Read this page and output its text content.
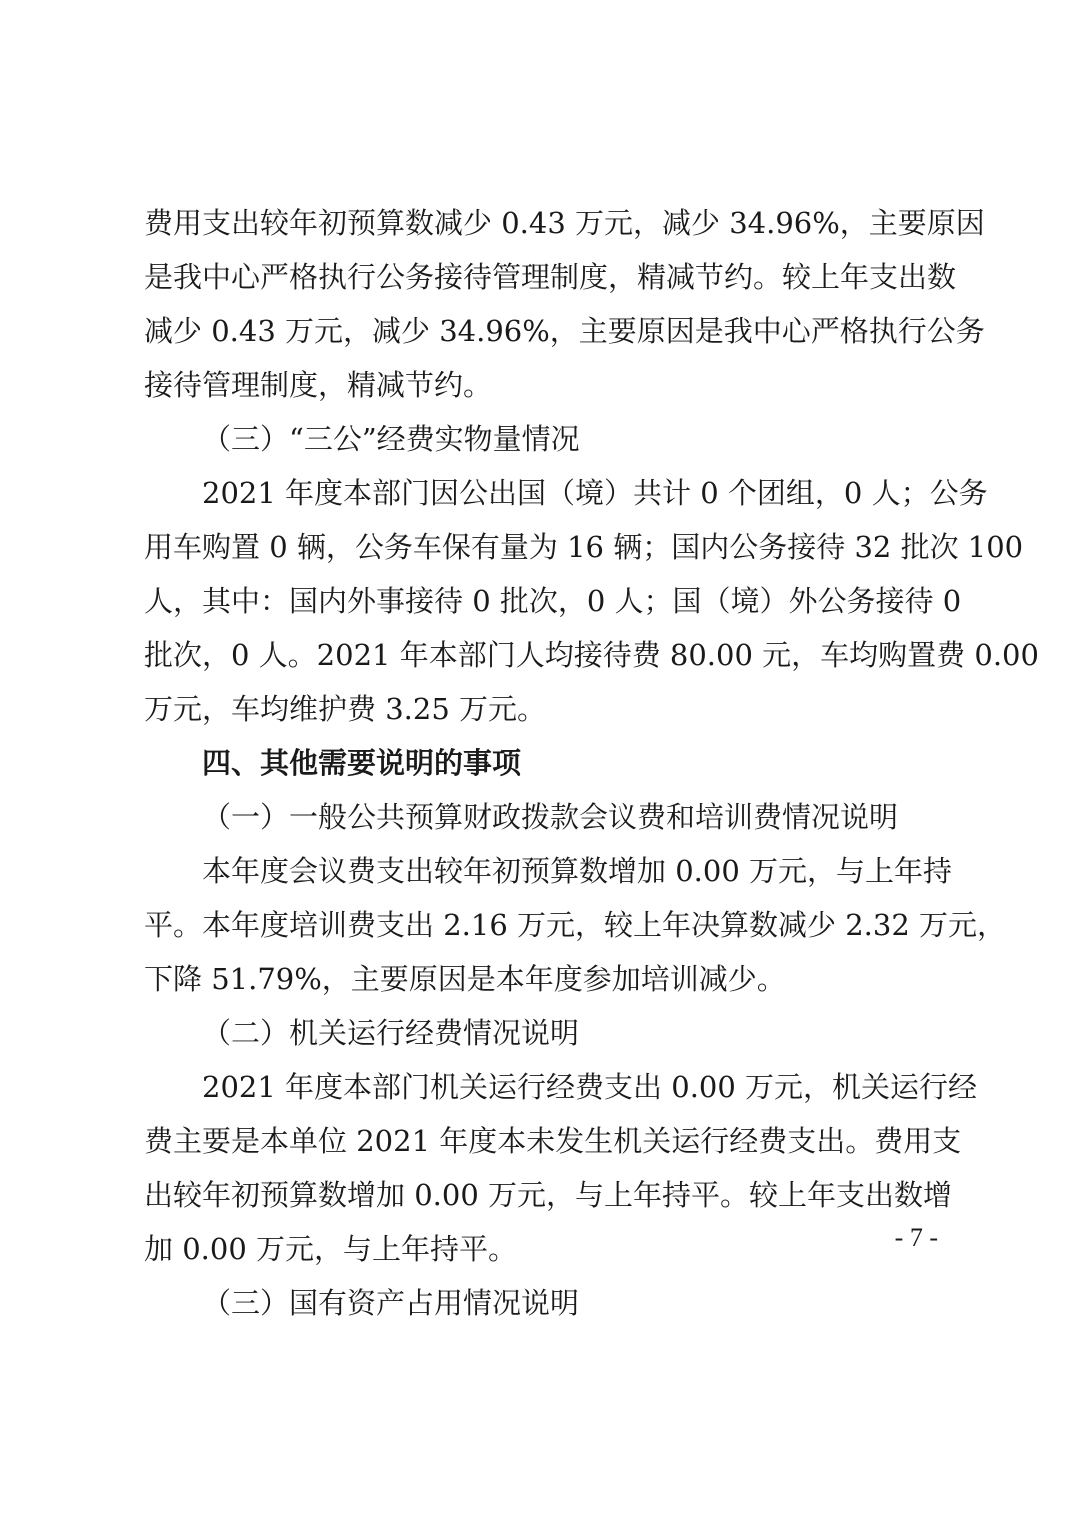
费用支出较年初预算数减少 0.43 万元，减少 34.96%，主要原因
是我中心严格执行公务接待管理制度，精减节约。较上年支出数
减少 0.43 万元，减少 34.96%，主要原因是我中心严格执行公务
接待管理制度，精减节约。
（三）“三公”经费实物量情况
2021 年度本部门因公出国（境）共计 0 个团组，0 人；公务
用车购置 0 辆，公务车保有量为 16 辆；国内公务接待 32 批次 100
人，其中：国内外事接待 0 批次，0 人；国（境）外公务接待 0
批次，0 人。2021 年本部门人均接待费 80.00 元，车均购置费 0.00
万元，车均维护费 3.25 万元。
四、其他需要说明的事项
（一）一般公共预算财政拨款会议费和培训费情况说明
本年度会议费支出较年初预算数增加 0.00 万元，与上年持
平。本年度培训费支出 2.16 万元，较上年决算数减少 2.32 万元，
下降 51.79%，主要原因是本年度参加培训减少。
（二）机关运行经费情况说明
2021 年度本部门机关运行经费支出 0.00 万元，机关运行经
费主要是本单位 2021 年度本未发生机关运行经费支出。费用支
出较年初预算数增加 0.00 万元，与上年持平。较上年支出数增
加 0.00 万元，与上年持平。
（三）国有资产占用情况说明
- 7 -
